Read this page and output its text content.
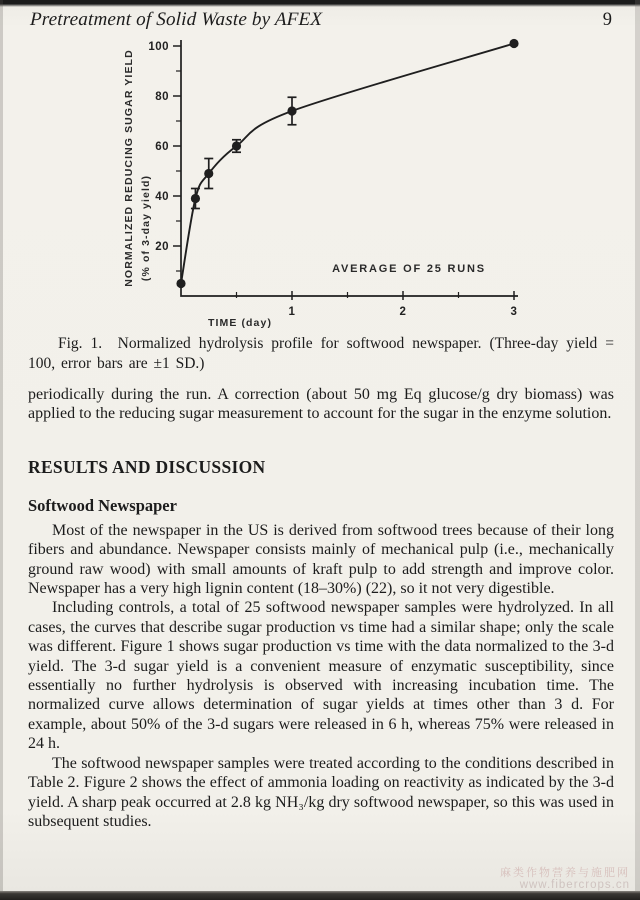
Pretreatment of Solid Waste by AFEX	9
20
40
60
80
100
1	2	3
AVERAGE OF 25 RUNS
TIME (day)
NORMALIZED REDUCING SUGAR YIELD (% of 3-day yield)

Fig. 1.  Normalized hydrolysis profile for softwood newspaper. (Three-day yield = 100, error bars are ±1 SD.)

periodically during the run. A correction (about 50 mg Eq glucose/g dry biomass) was applied to the reducing sugar measurement to account for the sugar in the enzyme solution.

RESULTS AND DISCUSSION
Softwood Newspaper

Most of the newspaper in the US is derived from softwood trees because of their long fibers and abundance. Newspaper consists mainly of mechanical pulp (i.e., mechanically ground raw wood) with small amounts of kraft pulp to add strength and improve color. Newspaper has a very high lignin content (18–30%) (22), so it not very digestible.

Including controls, a total of 25 softwood newspaper samples were hydrolyzed. In all cases, the curves that describe sugar production vs time had a similar shape; only the scale was different. Figure 1 shows sugar production vs time with the data normalized to the 3-d yield. The 3-d sugar yield is a convenient measure of enzymatic susceptibility, since essentially no further hydrolysis is observed with increasing incubation time. The normalized curve allows determination of sugar yields at times other than 3 d. For example, about 50% of the 3-d sugars were released in 6 h, whereas 75% were released in 24 h.

The softwood newspaper samples were treated according to the conditions described in Table 2. Figure 2 shows the effect of ammonia loading on reactivity as indicated by the 3-d yield. A sharp peak occurred at 2.8 kg NH₃/kg dry softwood newspaper, so this was used in subsequent studies.

麻类作物营养与施肥网
www.fibercrops.cn
